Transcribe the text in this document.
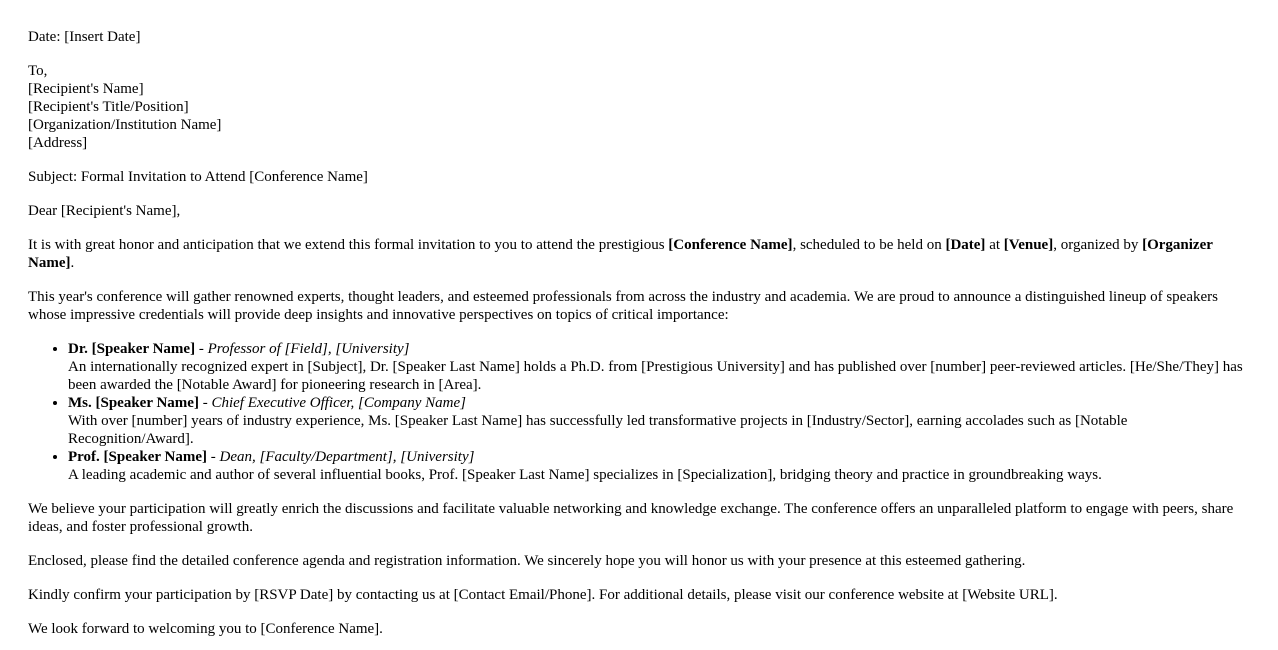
Date: [Insert Date]

To,
[Recipient's Name]
[Recipient's Title/Position]
[Organization/Institution Name]
[Address]

Subject: Formal Invitation to Attend [Conference Name]

Dear [Recipient's Name],

It is with great honor and anticipation that we extend this formal invitation to you to attend the prestigious [Conference Name], scheduled to be held on [Date] at [Venue], organized by [Organizer Name].

This year's conference will gather renowned experts, thought leaders, and esteemed professionals from across the industry and academia. We are proud to announce a distinguished lineup of speakers whose impressive credentials will provide deep insights and innovative perspectives on topics of critical importance:

• Dr. [Speaker Name] - Professor of [Field], [University]
An internationally recognized expert in [Subject], Dr. [Speaker Last Name] holds a Ph.D. from [Prestigious University] and has published over [number] peer-reviewed articles. [He/She/They] has been awarded the [Notable Award] for pioneering research in [Area].
• Ms. [Speaker Name] - Chief Executive Officer, [Company Name]
With over [number] years of industry experience, Ms. [Speaker Last Name] has successfully led transformative projects in [Industry/Sector], earning accolades such as [Notable Recognition/Award].
• Prof. [Speaker Name] - Dean, [Faculty/Department], [University]
A leading academic and author of several influential books, Prof. [Speaker Last Name] specializes in [Specialization], bridging theory and practice in groundbreaking ways.

We believe your participation will greatly enrich the discussions and facilitate valuable networking and knowledge exchange. The conference offers an unparalleled platform to engage with peers, share ideas, and foster professional growth.

Enclosed, please find the detailed conference agenda and registration information. We sincerely hope you will honor us with your presence at this esteemed gathering.

Kindly confirm your participation by [RSVP Date] by contacting us at [Contact Email/Phone]. For additional details, please visit our conference website at [Website URL].

We look forward to welcoming you to [Conference Name].
